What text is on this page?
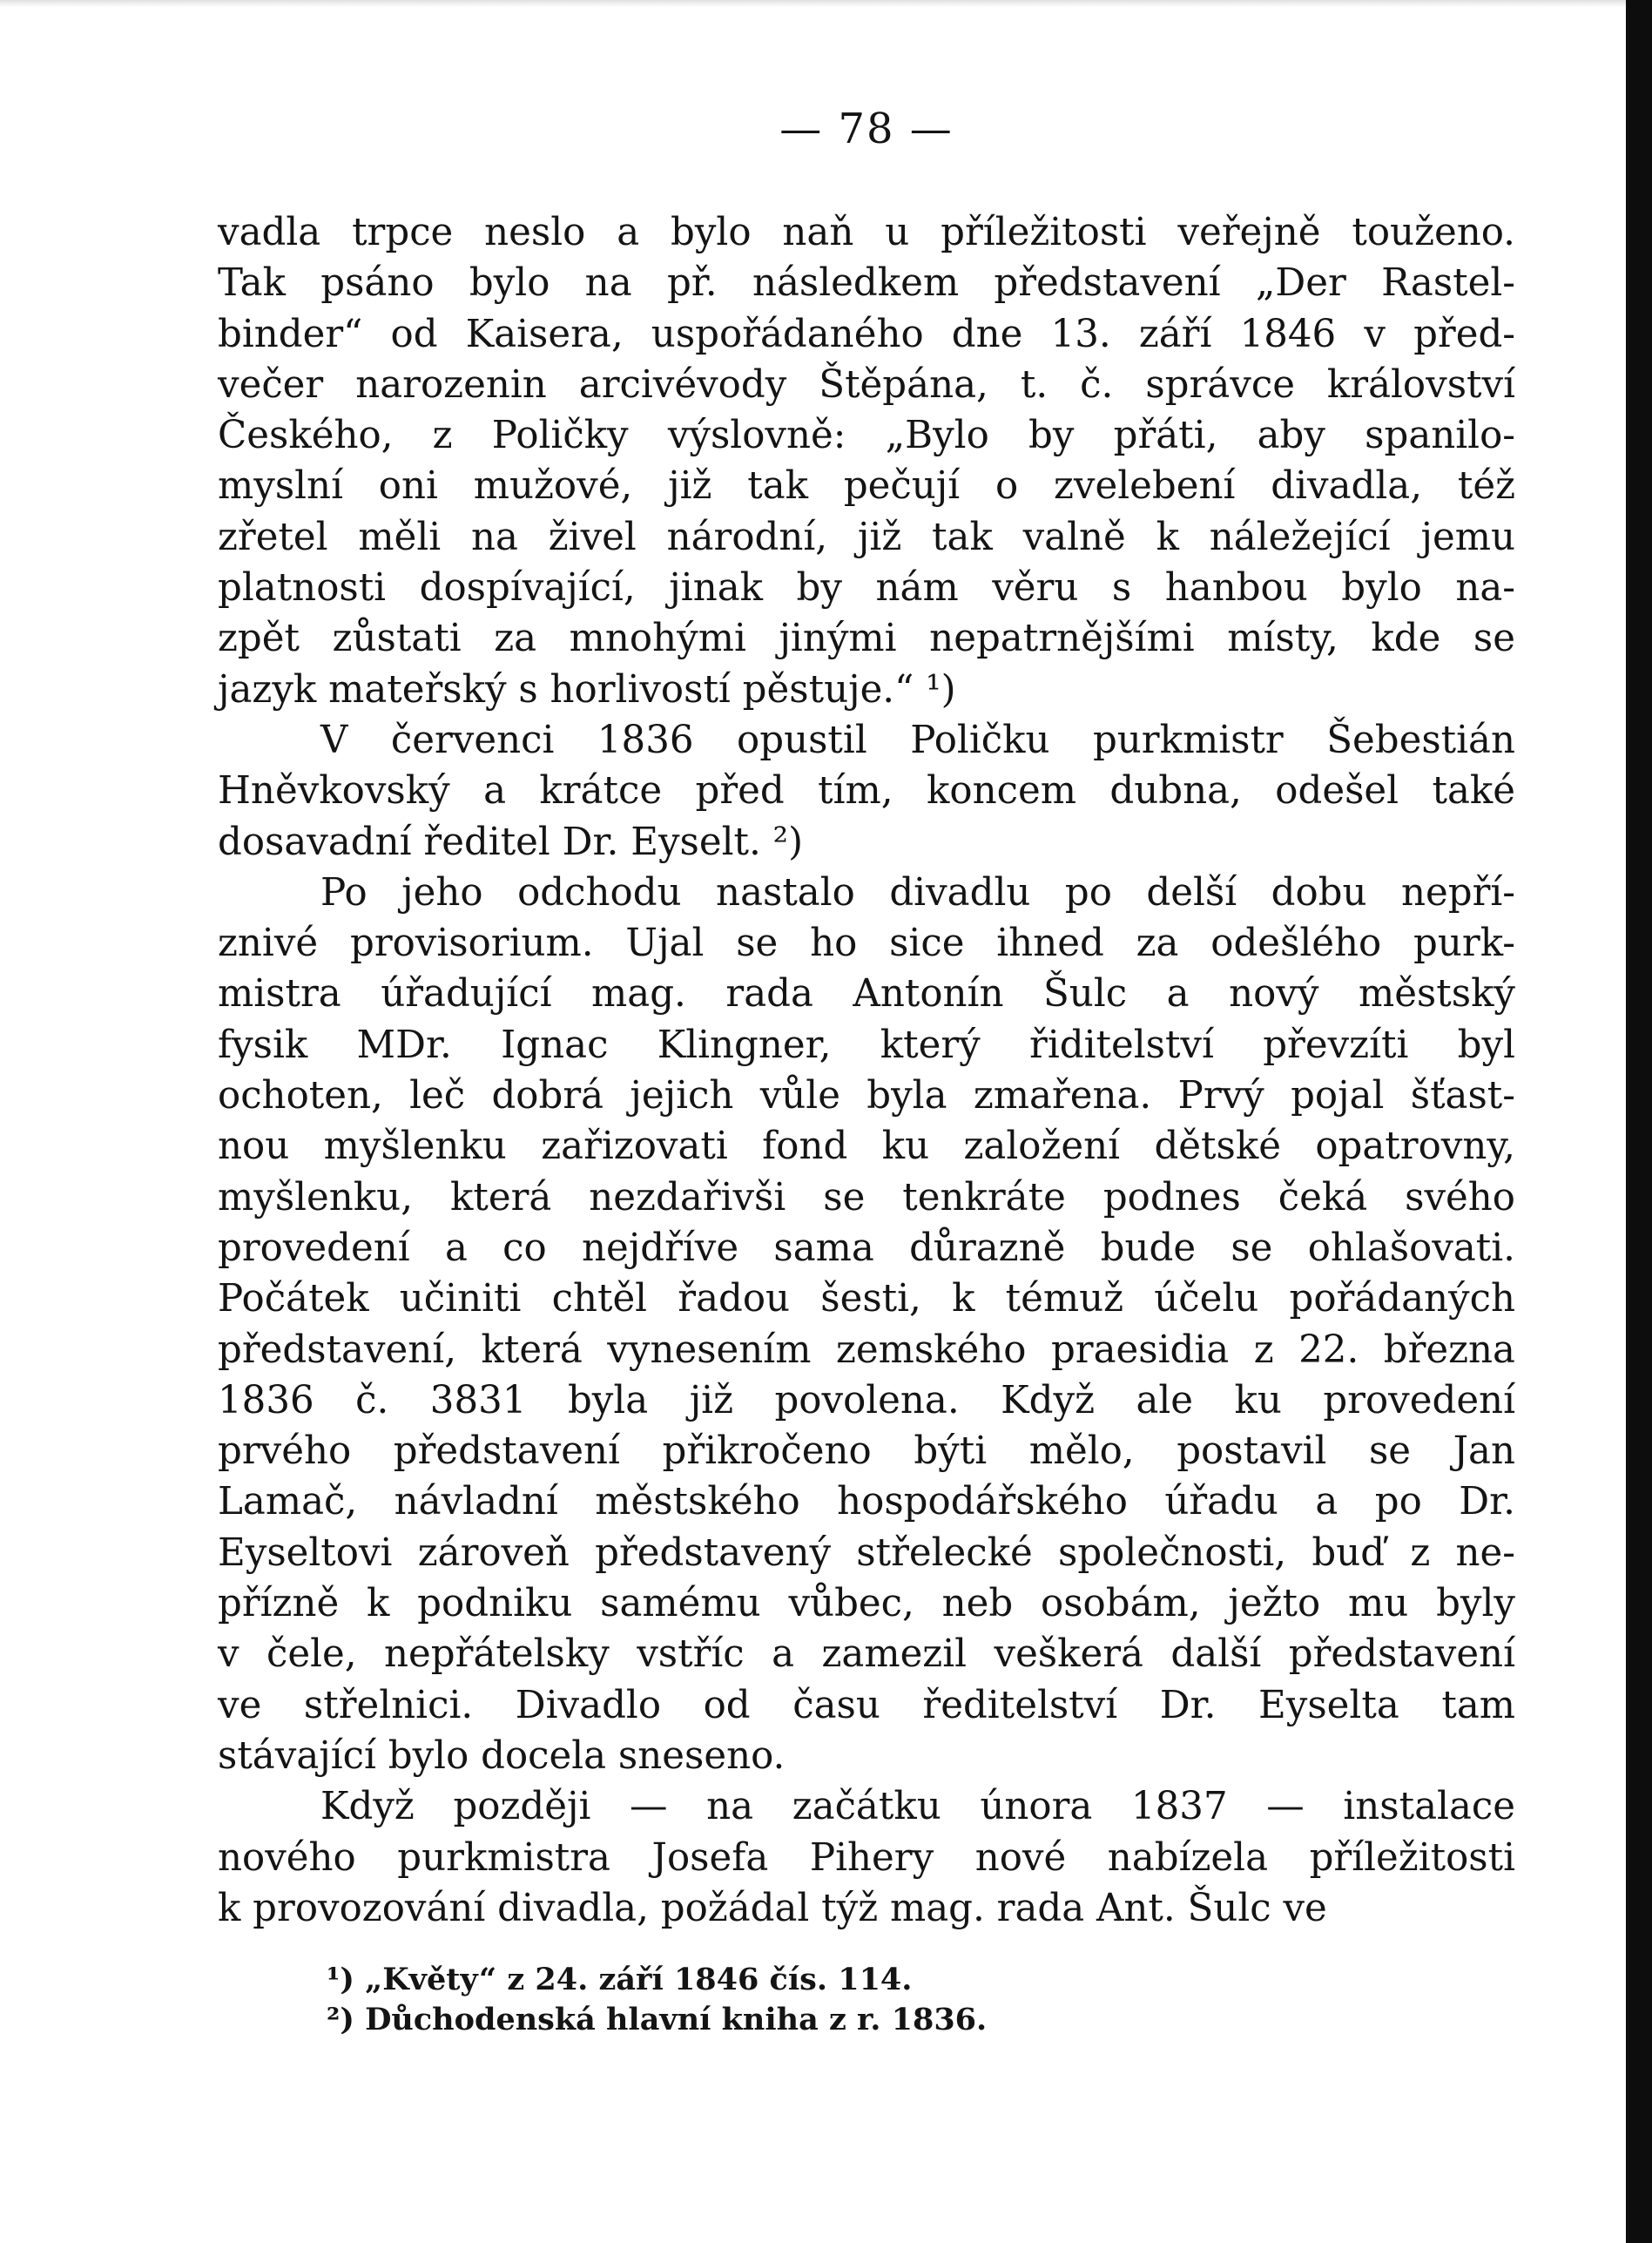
— 78 —
vadla trpce neslo a bylo naň u příležitosti veřejně touženo.
Tak psáno bylo na př. následkem představení „Der Rastel-
binder“ od Kaisera, uspořádaného dne 13. září 1846 v před-
večer narozenin arcivévody Štěpána, t. č. správce království
Českého, z Poličky výslovně: „Bylo by přáti, aby spanilo-
myslní oni mužové, již tak pečují o zvelebení divadla, též
zřetel měli na živel národní, již tak valně k náležející jemu
platnosti dospívající, jinak by nám věru s hanbou bylo na-
zpět zůstati za mnohými jinými nepatrnějšími místy, kde se
jazyk mateřský s horlivostí pěstuje.“ ¹)
V červenci 1836 opustil Poličku purkmistr Šebestián
Hněvkovský a krátce před tím, koncem dubna, odešel také
dosavadní ředitel Dr. Eyselt. ²)
Po jeho odchodu nastalo divadlu po delší dobu nepří-
znivé provisorium. Ujal se ho sice ihned za odešlého purk-
mistra úřadující mag. rada Antonín Šulc a nový městský
fysik MDr. Ignac Klingner, který řiditelství převzíti byl
ochoten, leč dobrá jejich vůle byla zmařena. Prvý pojal šťast-
nou myšlenku zařizovati fond ku založení dětské opatrovny,
myšlenku, která nezdařivši se tenkráte podnes čeká svého
provedení a co nejdříve sama důrazně bude se ohlašovati.
Počátek učiniti chtěl řadou šesti, k témuž účelu pořádaných
představení, která vynesením zemského praesidia z 22. března
1836 č. 3831 byla již povolena. Když ale ku provedení
prvého představení přikročeno býti mělo, postavil se Jan
Lamač, návladní městského hospodářského úřadu a po Dr.
Eyseltovi zároveň představený střelecké společnosti, buď z ne-
přízně k podniku samému vůbec, neb osobám, ježto mu byly
v čele, nepřátelsky vstříc a zamezil veškerá další představení
ve střelnici. Divadlo od času ředitelství Dr. Eyselta tam
stávající bylo docela sneseno.
Když později — na začátku února 1837 — instalace
nového purkmistra Josefa Pihery nové nabízela příležitosti
k provozování divadla, požádal týž mag. rada Ant. Šulc ve
¹) „Květy“ z 24. září 1846 čís. 114.
²) Důchodenská hlavní kniha z r. 1836.
